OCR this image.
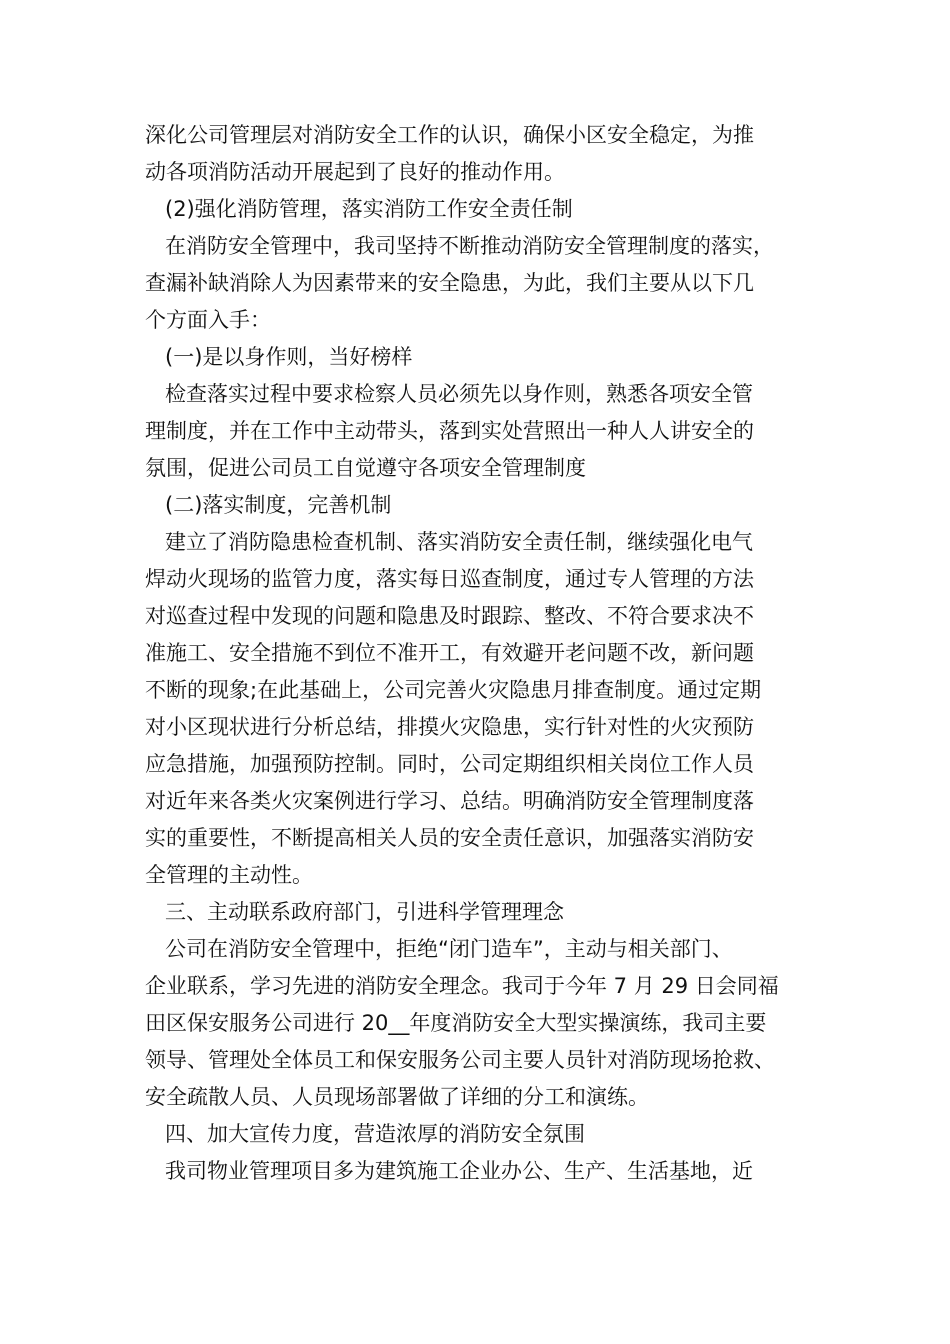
深化公司管理层对消防安全工作的认识，确保小区安全稳定，为推
动各项消防活动开展起到了良好的推动作用。
(2)强化消防管理，落实消防工作安全责任制
在消防安全管理中，我司坚持不断推动消防安全管理制度的落实，
查漏补缺消除人为因素带来的安全隐患，为此，我们主要从以下几
个方面入手：
(一)是以身作则，当好榜样
检查落实过程中要求检察人员必须先以身作则，熟悉各项安全管
理制度，并在工作中主动带头，落到实处营照出一种人人讲安全的
氛围，促进公司员工自觉遵守各项安全管理制度
(二)落实制度，完善机制
建立了消防隐患检查机制、落实消防安全责任制，继续强化电气
焊动火现场的监管力度，落实每日巡查制度，通过专人管理的方法
对巡查过程中发现的问题和隐患及时跟踪、整改、不符合要求决不
准施工、安全措施不到位不准开工，有效避开老问题不改，新问题
不断的现象;在此基础上，公司完善火灾隐患月排查制度。通过定期
对小区现状进行分析总结，排摸火灾隐患，实行针对性的火灾预防
应急措施，加强预防控制。同时，公司定期组织相关岗位工作人员
对近年来各类火灾案例进行学习、总结。明确消防安全管理制度落
实的重要性，不断提高相关人员的安全责任意识，加强落实消防安
全管理的主动性。
三、主动联系政府部门，引进科学管理理念
公司在消防安全管理中，拒绝“闭门造车”，主动与相关部门、
企业联系，学习先进的消防安全理念。我司于今年 7 月 29 日会同福
田区保安服务公司进行 20__年度消防安全大型实操演练，我司主要
领导、管理处全体员工和保安服务公司主要人员针对消防现场抢救、
安全疏散人员、人员现场部署做了详细的分工和演练。
四、加大宣传力度，营造浓厚的消防安全氛围
我司物业管理项目多为建筑施工企业办公、生产、生活基地，近
